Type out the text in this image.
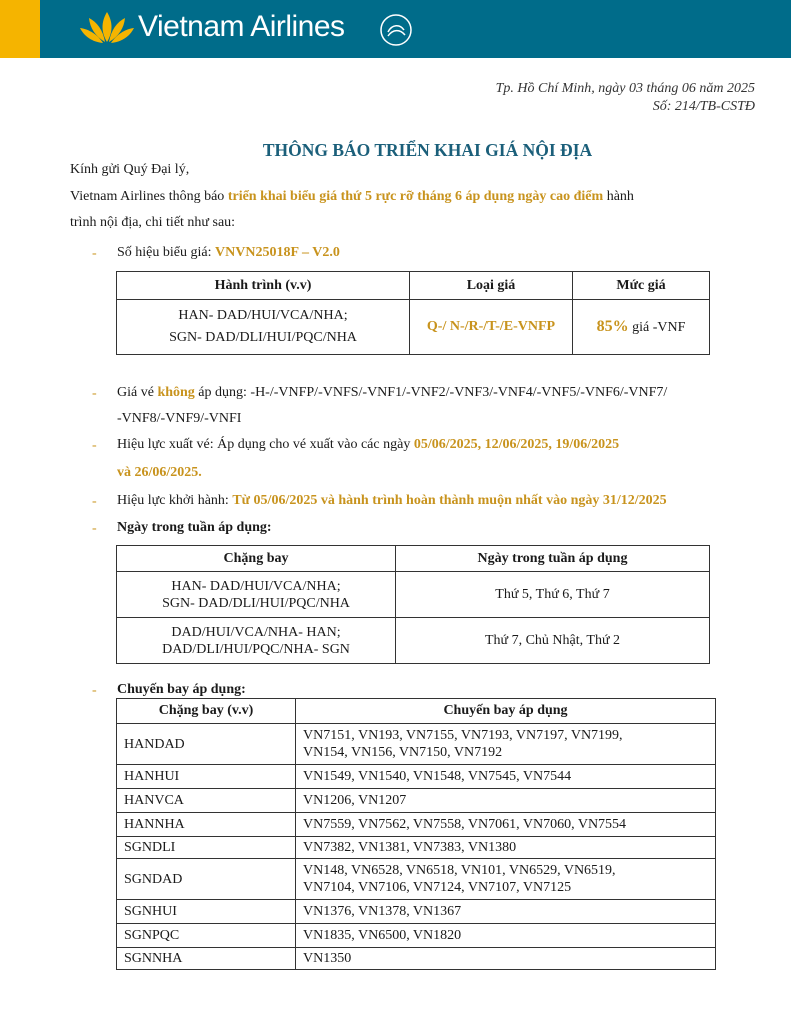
Vietnam Airlines
Tp. Hồ Chí Minh, ngày 03 tháng 06 năm 2025
Số: 214/TB-CSTĐ
THÔNG BÁO TRIỂN KHAI GIÁ NỘI ĐỊA
Kính gửi Quý Đại lý,
Vietnam Airlines thông báo triển khai biểu giá thứ 5 rực rỡ tháng 6 áp dụng ngày cao điểm hành
trình nội địa, chi tiết như sau:
- Số hiệu biểu giá: VNVN25018F – V2.0
Hành trình (v.v)	Loại giá	Mức giá

HAN- DAD/HUI/VCA/NHA;
SGN- DAD/DLI/HUI/PQC/NHA	Q-/ N-/R-/T-/E-VNFP	85% giá -VNF
- Giá vé không áp dụng: -H-/-VNFP/-VNFS/-VNF1/-VNF2/-VNF3/-VNF4/-VNF5/-VNF6/-VNF7/
-VNF8/-VNF9/-VNFI
- Hiệu lực xuất vé: Áp dụng cho vé xuất vào các ngày 05/06/2025, 12/06/2025, 19/06/2025
và 26/06/2025.
- Hiệu lực khởi hành: Từ 05/06/2025 và hành trình hoàn thành muộn nhất vào ngày 31/12/2025
- Ngày trong tuần áp dụng:
Chặng bay	Ngày trong tuần áp dụng

HAN- DAD/HUI/VCA/NHA;
SGN- DAD/DLI/HUI/PQC/NHA	Thứ 5, Thứ 6, Thứ 7

DAD/HUI/VCA/NHA- HAN;
DAD/DLI/HUI/PQC/NHA- SGN	Thứ 7, Chủ Nhật, Thứ 2
- Chuyến bay áp dụng:
Chặng bay (v.v)	Chuyến bay áp dụng
HANDAD	VN7151, VN193, VN7155, VN7193, VN7197, VN7199,
VN154, VN156, VN7150, VN7192

HANHUI	VN1549, VN1540, VN1548, VN7545, VN7544
HANVCA	VN1206, VN1207
HANNHA	VN7559, VN7562, VN7558, VN7061, VN7060, VN7554
SGNDLI	VN7382, VN1381, VN7383, VN1380
SGNDAD	VN148, VN6528, VN6518, VN101, VN6529, VN6519,
VN7104, VN7106, VN7124, VN7107, VN7125

SGNHUI	VN1376, VN1378, VN1367
SGNPQC	VN1835, VN6500, VN1820
SGNNHA	VN1350
